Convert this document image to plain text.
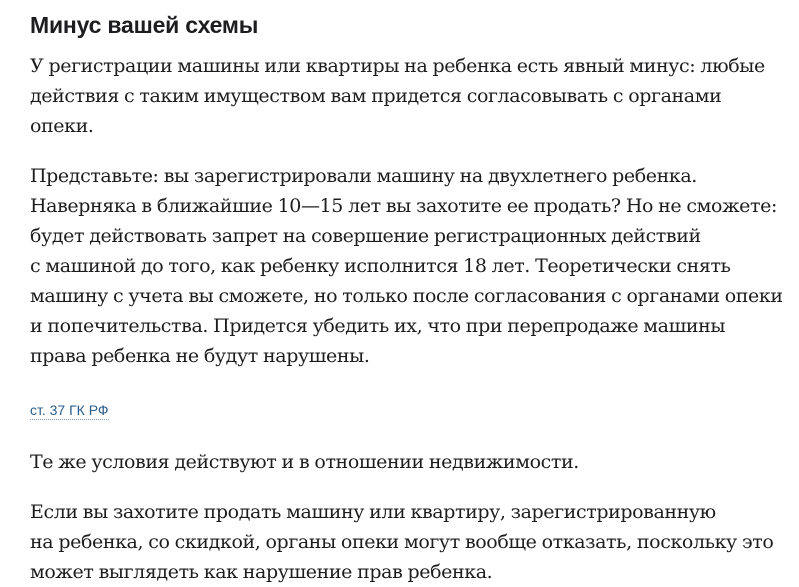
Минус вашей схемы

У регистрации машины или квартиры на ребенка есть явный минус: любые
действия с таким имуществом вам придется согласовывать с органами
опеки.

Представьте: вы зарегистрировали машину на двухлетнего ребенка.
Наверняка в ближайшие 10—15 лет вы захотите ее продать? Но не сможете:
будет действовать запрет на совершение регистрационных действий
с машиной до того, как ребенку исполнится 18 лет. Теоретически снять
машину с учета вы сможете, но только после согласования с органами опеки
и попечительства. Придется убедить их, что при перепродаже машины
права ребенка не будут нарушены.

ст. 37 ГК РФ

Те же условия действуют и в отношении недвижимости.

Если вы захотите продать машину или квартиру, зарегистрированную
на ребенка, со скидкой, органы опеки могут вообще отказать, поскольку это
может выглядеть как нарушение прав ребенка.
